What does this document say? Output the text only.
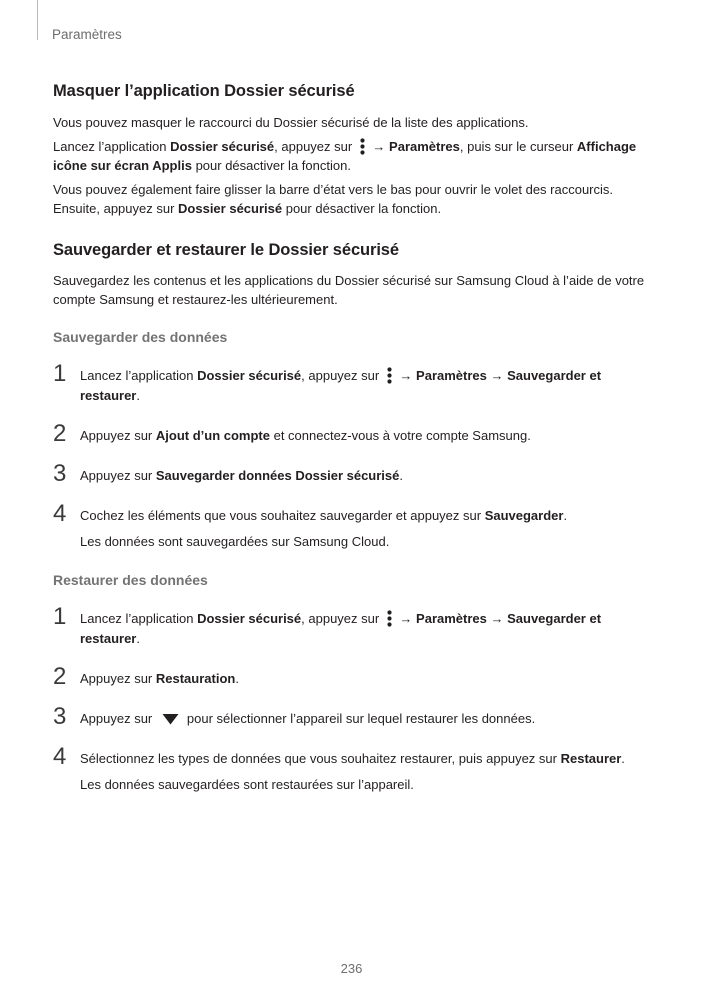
Paramètres
Masquer l’application Dossier sécurisé

Vous pouvez masquer le raccourci du Dossier sécurisé de la liste des applications.

Lancez l’application Dossier sécurisé, appuyez sur  → Paramètres, puis sur le curseur Affichage icône sur écran Applis pour désactiver la fonction.

Vous pouvez également faire glisser la barre d’état vers le bas pour ouvrir le volet des raccourcis. Ensuite, appuyez sur Dossier sécurisé pour désactiver la fonction.

Sauvegarder et restaurer le Dossier sécurisé

Sauvegardez les contenus et les applications du Dossier sécurisé sur Samsung Cloud à l’aide de votre compte Samsung et restaurez-les ultérieurement.

Sauvegarder des données
1	Lancez l’application Dossier sécurisé, appuyez sur  → Paramètres → Sauvegarder et restaurer.
2	Appuyez sur Ajout d’un compte et connectez-vous à votre compte Samsung.
3	Appuyez sur Sauvegarder données Dossier sécurisé.
4	Cochez les éléments que vous souhaitez sauvegarder et appuyez sur Sauvegarder.
Les données sont sauvegardées sur Samsung Cloud.
Restaurer des données
1	Lancez l’application Dossier sécurisé, appuyez sur  → Paramètres → Sauvegarder et restaurer.
2	Appuyez sur Restauration.
3	Appuyez sur pour sélectionner l’appareil sur lequel restaurer les données.
4	Sélectionnez les types de données que vous souhaitez restaurer, puis appuyez sur Restaurer.
Les données sauvegardées sont restaurées sur l’appareil.
236
